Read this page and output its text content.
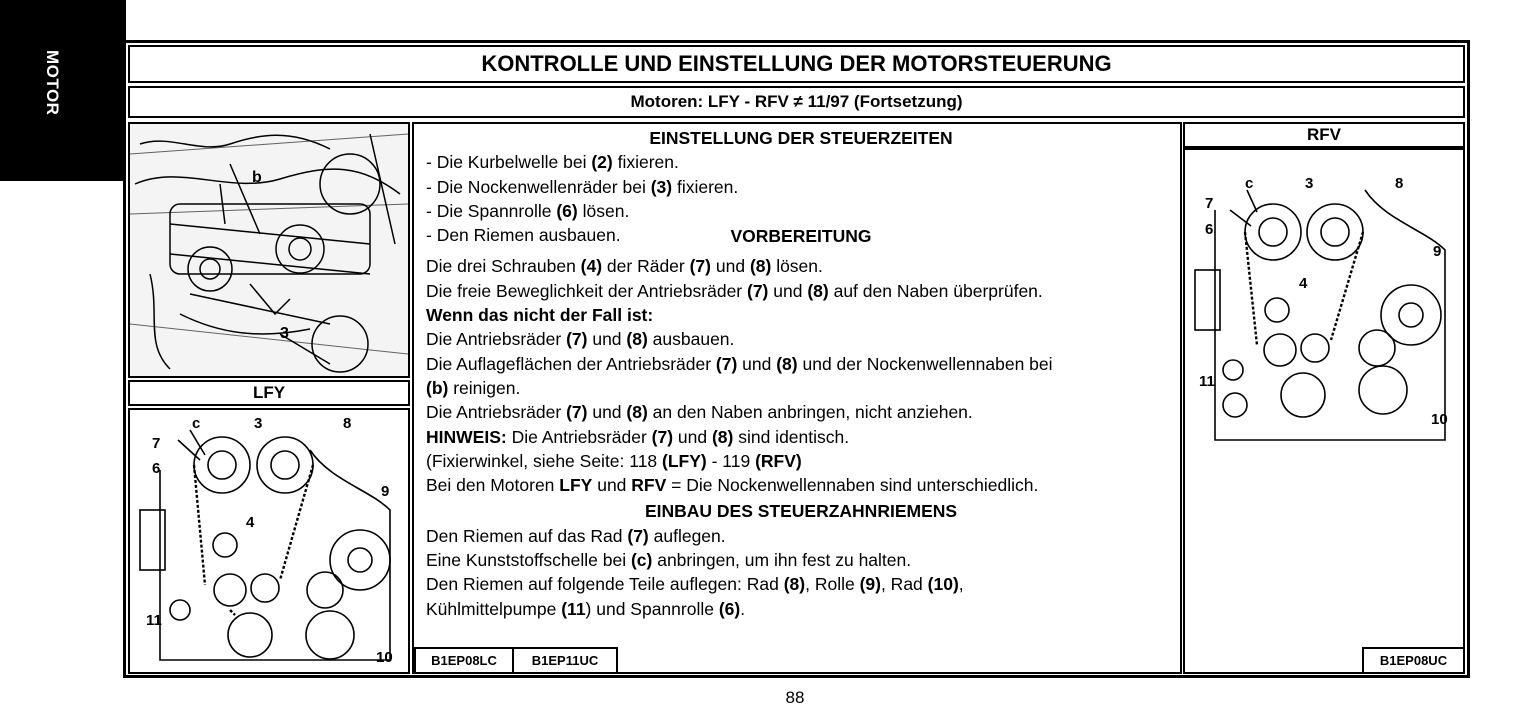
MOTOR	KONTROLLE UND EINSTELLUNG DER MOTORSTEUERUNG
Motoren: LFY - RFV ≠ 11/97 (Fortsetzung)
b
3
LFY
c	3	8
7
6
4
9
11
10
EINSTELLUNG DER STEUERZEITEN
- Die Kurbelwelle bei (2) fixieren.
- Die Nockenwellenräder bei (3) fixieren.
- Die Spannrolle (6) lösen.
- Den Riemen ausbauen.	VORBEREITUNG
Die drei Schrauben (4) der Räder (7) und (8) lösen.
Die freie Beweglichkeit der Antriebsräder (7) und (8) auf den Naben überprüfen.
Wenn das nicht der Fall ist:
Die Antriebsräder (7) und (8) ausbauen.
Die Auflageflächen der Antriebsräder (7) und (8) und der Nockenwellennaben bei
(b) reinigen.
Die Antriebsräder (7) und (8) an den Naben anbringen, nicht anziehen.
HINWEIS: Die Antriebsräder (7) und (8) sind identisch.
(Fixierwinkel, siehe Seite: 118 (LFY) - 119 (RFV)
Bei den Motoren LFY und RFV = Die Nockenwellennaben sind unterschiedlich.
EINBAU DES STEUERZAHNRIEMENS
Den Riemen auf das Rad (7) auflegen.
Eine Kunststoffschelle bei (c) anbringen, um ihn fest zu halten.
Den Riemen auf folgende Teile auflegen: Rad (8), Rolle (9), Rad (10),
Kühlmittelpumpe (11) und Spannrolle (6).
B1EP08LC	B1EP11UC
RFV
c	3	8
7
6
4
9
11
10
B1EP08UC
88
